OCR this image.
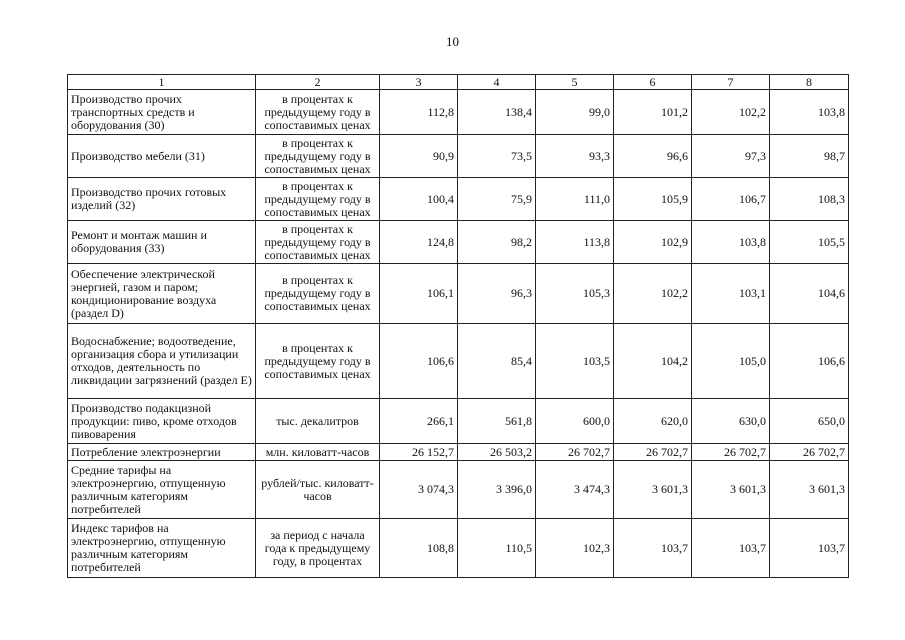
10
1	2	3	4	5	6	7	8
Производство прочих транспортных средств и оборудования (30)	в процентах к предыдущему году в сопоставимых ценах	112,8	138,4	99,0	101,2	102,2	103,8
Производство мебели (31)	в процентах к предыдущему году в сопоставимых ценах	90,9	73,5	93,3	96,6	97,3	98,7
Производство прочих готовых изделий (32)	в процентах к предыдущему году в сопоставимых ценах	100,4	75,9	111,0	105,9	106,7	108,3
Ремонт и монтаж машин и оборудования (33)	в процентах к предыдущему году в сопоставимых ценах	124,8	98,2	113,8	102,9	103,8	105,5
Обеспечение электрической энергией, газом и паром; кондиционирование воздуха (раздел D)	в процентах к предыдущему году в сопоставимых ценах	106,1	96,3	105,3	102,2	103,1	104,6
Водоснабжение; водоотведение, организация сбора и утилизации отходов, деятельность по ликвидации загрязнений (раздел E)	в процентах к предыдущему году в сопоставимых ценах	106,6	85,4	103,5	104,2	105,0	106,6
Производство подакцизной продукции: пиво, кроме отходов пивоварения	тыс. декалитров	266,1	561,8	600,0	620,0	630,0	650,0
Потребление электроэнергии	млн. киловатт-часов	26 152,7	26 503,2	26 702,7	26 702,7	26 702,7	26 702,7
Средние тарифы на электроэнергию, отпущенную различным категориям потребителей	рублей/тыс. киловатт-часов	3 074,3	3 396,0	3 474,3	3 601,3	3 601,3	3 601,3
Индекс тарифов на электроэнергию, отпущенную различным категориям потребителей	за период с начала года к предыдущему году, в процентах	108,8	110,5	102,3	103,7	103,7	103,7
